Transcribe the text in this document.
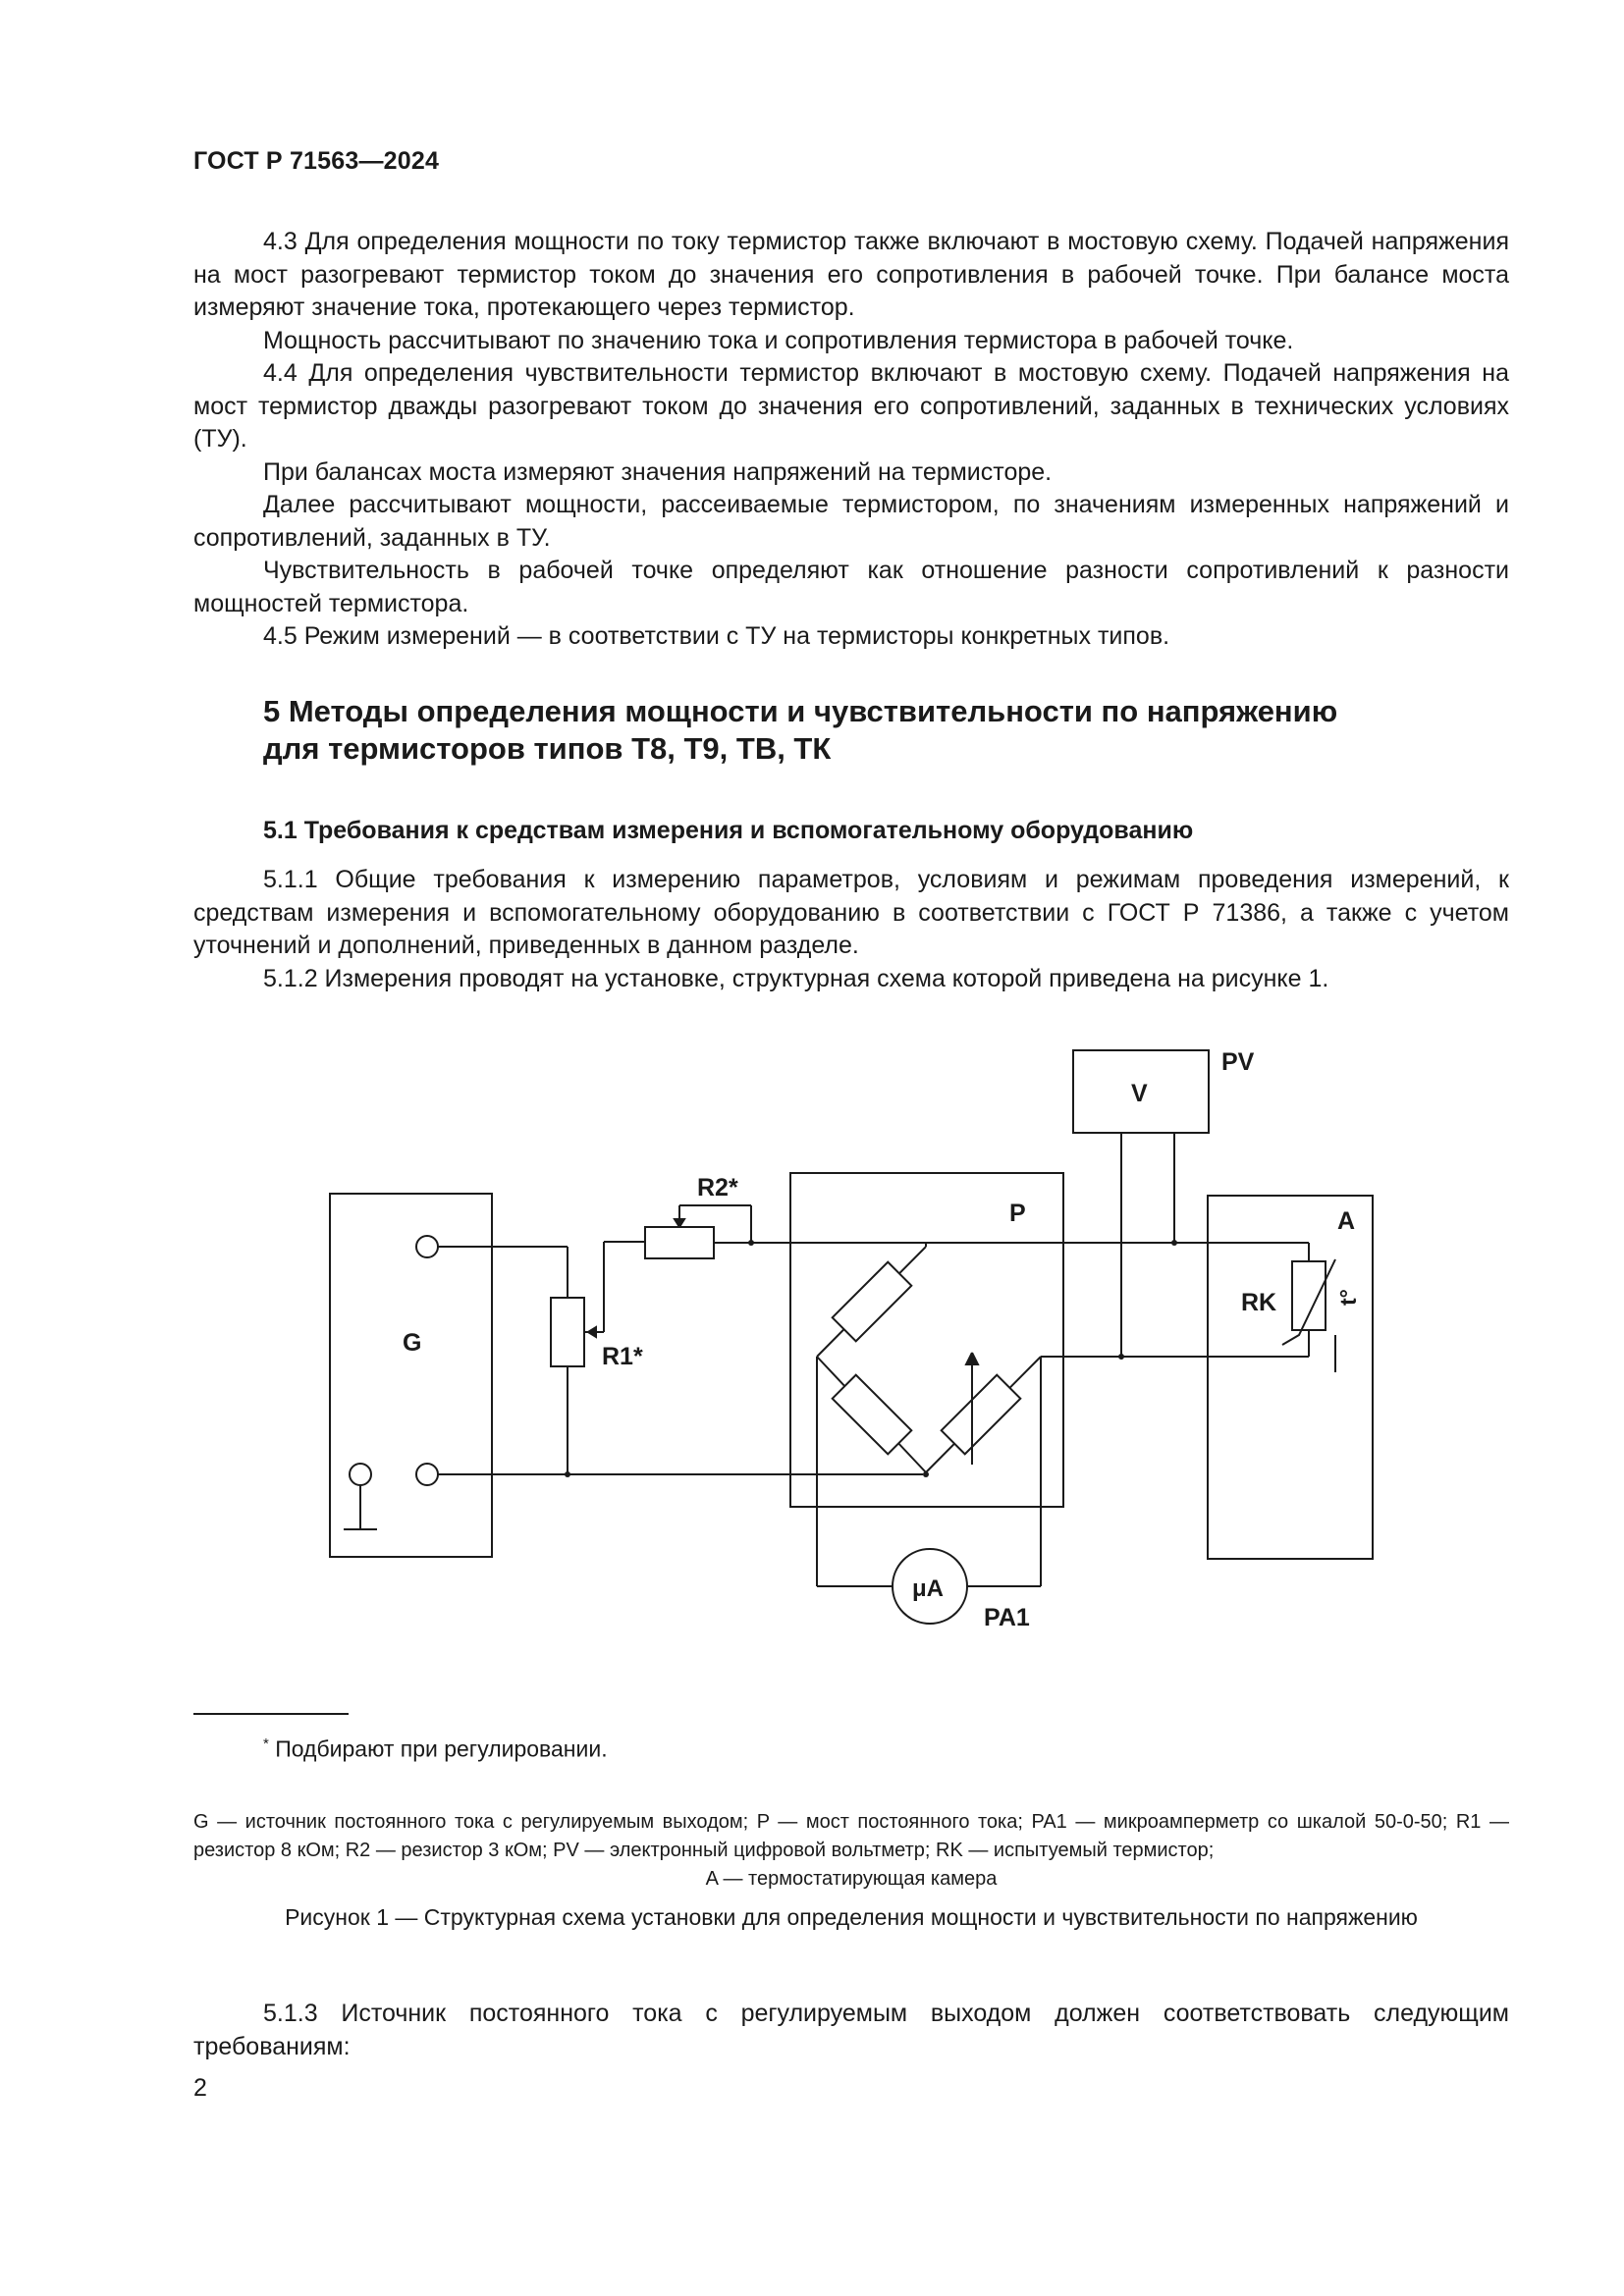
ГОСТ Р 71563—2024

4.3 Для определения мощности по току термистор также включают в мостовую схему. Подачей напряжения на мост разогревают термистор током до значения его сопротивления в рабочей точке. При балансе моста измеряют значение тока, протекающего через термистор.

Мощность рассчитывают по значению тока и сопротивления термистора в рабочей точке.

4.4 Для определения чувствительности термистор включают в мостовую схему. Подачей напряжения на мост термистор дважды разогревают током до значения его сопротивлений, заданных в технических условиях (ТУ).

При балансах моста измеряют значения напряжений на термисторе.

Далее рассчитывают мощности, рассеиваемые термистором, по значениям измеренных напряжений и сопротивлений, заданных в ТУ.

Чувствительность в рабочей точке определяют как отношение разности сопротивлений к разности мощностей термистора.

4.5 Режим измерений — в соответствии с ТУ на термисторы конкретных типов.

5 Методы определения мощности и чувствительности по напряжению
для термисторов типов Т8, Т9, ТВ, ТК
5.1 Требования к средствам измерения и вспомогательному оборудованию

5.1.1 Общие требования к измерению параметров, условиям и режимам проведения измерений, к средствам измерения и вспомогательному оборудованию в соответствии с ГОСТ Р 71386, а также с учетом уточнений и дополнений, приведенных в данном разделе.

5.1.2 Измерения проводят на установке, структурная схема которой приведена на рисунке 1.

G	R1*
R2*
P
PV
V
A
RK	t°
μA
PA1
* Подбирают при регулировании.
G — источник постоянного тока с регулируемым выходом; P — мост постоянного тока; PA1 — микроамперметр со шкалой 50-0-50; R1 — резистор 8 кОм; R2 — резистор 3 кОм; PV — электронный цифровой вольтметр; RK — испытуемый термистор;
A — термостатирующая камера
Рисунок 1 — Структурная схема установки для определения мощности и чувствительности по напряжению

5.1.3 Источник постоянного тока с регулируемым выходом должен соответствовать следующим требованиям:

2
